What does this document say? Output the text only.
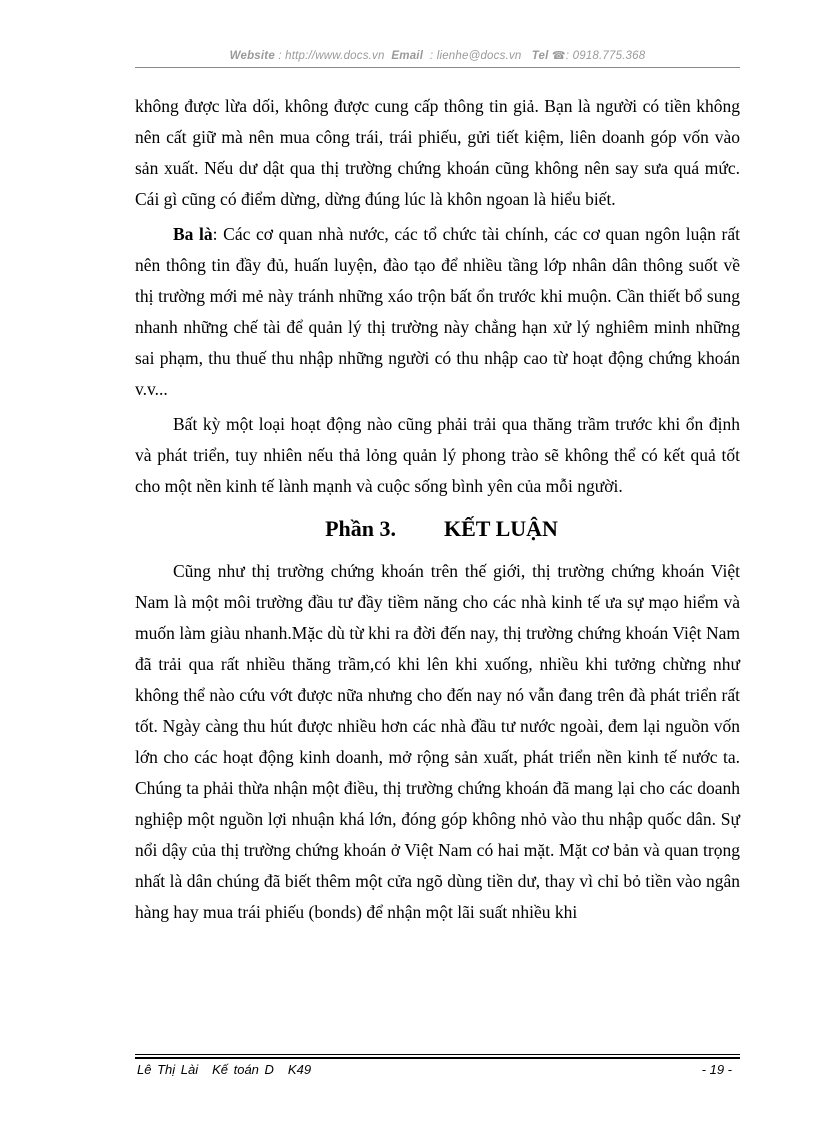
Website : http://www.docs.vn Email  : lienhe@docs.vn Tel ☎: 0918.775.368

không được lừa dối, không được cung cấp thông tin giả. Bạn là người có tiền không nên cất giữ mà nên mua công trái, trái phiếu, gửi tiết kiệm, liên doanh góp vốn vào sản xuất. Nếu dư dật qua thị trường chứng khoán cũng không nên say sưa quá mức. Cái gì cũng có điểm dừng, dừng đúng lúc là khôn ngoan là hiểu biết.

Ba là: Các cơ quan nhà nước, các tổ chức tài chính, các cơ quan ngôn luận rất nên thông tin đầy đủ, huấn luyện, đào tạo để nhiều tầng lớp nhân dân thông suốt về thị trường mới mẻ này tránh những xáo trộn bất ổn trước khi muộn. Cần thiết bổ sung nhanh những chế tài để quản lý thị trường này chẳng hạn xử lý nghiêm minh những sai phạm, thu thuế thu nhập những người có thu nhập cao từ hoạt động chứng khoán v.v...

Bất kỳ một loại hoạt động nào cũng phải trải qua thăng trầm trước khi ổn định và phát triển, tuy nhiên nếu thả lỏng quản lý phong trào sẽ không thể có kết quả tốt cho một nền kinh tế lành mạnh và cuộc sống bình yên của mỗi người.

Phần 3. KẾT LUẬN

Cũng như thị trường chứng khoán trên thế giới, thị trường chứng khoán Việt Nam là một môi trường đầu tư đầy tiềm năng cho các nhà kinh tế ưa sự mạo hiểm và muốn làm giàu nhanh.Mặc dù từ khi ra đời đến nay, thị trường chứng khoán Việt Nam đã trải qua rất nhiều thăng trầm,có khi lên khi xuống, nhiều khi tưởng chừng như không thể nào cứu vớt được nữa nhưng cho đến nay nó vẫn đang trên đà phát triển rất tốt. Ngày càng thu hút được nhiều hơn các nhà đầu tư nước ngoài, đem lại nguồn vốn lớn cho các hoạt động kinh doanh, mở rộng sản xuất, phát triển nền kinh tế nước ta. Chúng ta phải thừa nhận một điều, thị trường chứng khoán đã mang lại cho các doanh nghiệp một nguồn lợi nhuận khá lớn, đóng góp không nhỏ vào thu nhập quốc dân. Sự nổi dậy của thị trường chứng khoán ở Việt Nam có hai mặt. Mặt cơ bản và quan trọng nhất là dân chúng đã biết thêm một cửa ngõ dùng tiền dư, thay vì chỉ bỏ tiền vào ngân hàng hay mua trái phiếu (bonds) để nhận một lãi suất nhiều khi

Lê Thị Lài Kế toán D K49	- 19 -
